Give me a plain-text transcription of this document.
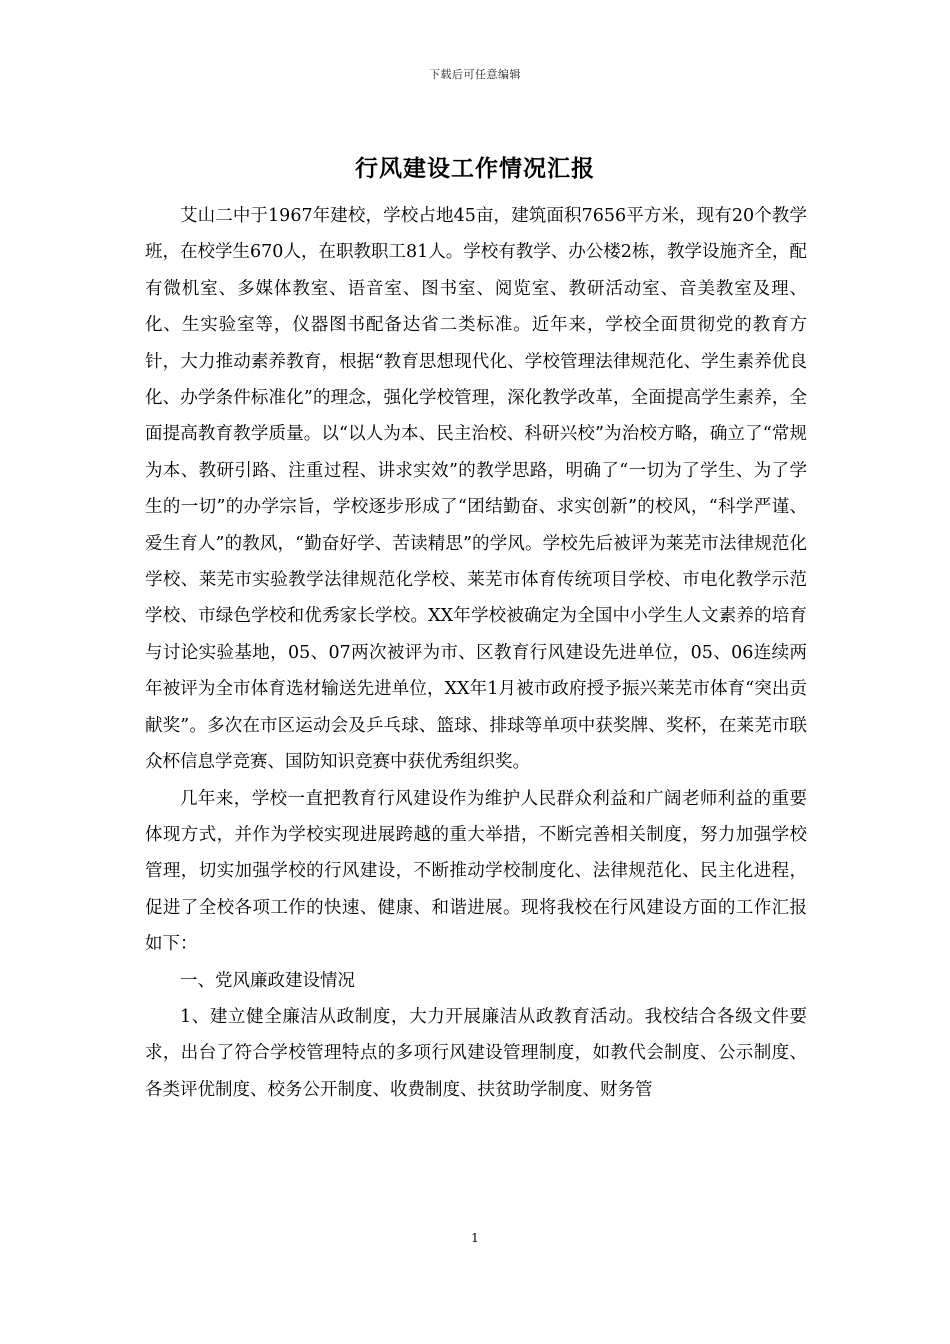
下载后可任意编辑
行风建设工作情况汇报

艾山二中于1967年建校，学校占地45亩，建筑面积7656平方米，现有20个教学班，在校学生670人，在职教职工81人。学校有教学、办公楼2栋，教学设施齐全，配有微机室、多媒体教室、语音室、图书室、阅览室、教研活动室、音美教室及理、化、生实验室等，仪器图书配备达省二类标准。近年来，学校全面贯彻党的教育方针，大力推动素养教育，根据“教育思想现代化、学校管理法律规范化、学生素养优良化、办学条件标准化”的理念，强化学校管理，深化教学改革，全面提高学生素养，全面提高教育教学质量。以“以人为本、民主治校、科研兴校”为治校方略，确立了“常规为本、教研引路、注重过程、讲求实效”的教学思路，明确了“一切为了学生、为了学生的一切”的办学宗旨，学校逐步形成了“团结勤奋、求实创新”的校风，“科学严谨、爱生育人”的教风，“勤奋好学、苦读精思”的学风。学校先后被评为莱芜市法律规范化学校、莱芜市实验教学法律规范化学校、莱芜市体育传统项目学校、市电化教学示范学校、市绿色学校和优秀家长学校。XX年学校被确定为全国中小学生人文素养的培育与讨论实验基地，05、07两次被评为市、区教育行风建设先进单位，05、06连续两年被评为全市体育选材输送先进单位，XX年1月被市政府授予振兴莱芜市体育“突出贡献奖”。多次在市区运动会及乒乓球、篮球、排球等单项中获奖牌、奖杯，在莱芜市联众杯信息学竞赛、国防知识竞赛中获优秀组织奖。

几年来，学校一直把教育行风建设作为维护人民群众利益和广阔老师利益的重要体现方式，并作为学校实现进展跨越的重大举措，不断完善相关制度，努力加强学校管理，切实加强学校的行风建设，不断推动学校制度化、法律规范化、民主化进程，促进了全校各项工作的快速、健康、和谐进展。现将我校在行风建设方面的工作汇报如下：

一、党风廉政建设情况

1、建立健全廉洁从政制度，大力开展廉洁从政教育活动。我校结合各级文件要求，出台了符合学校管理特点的多项行风建设管理制度，如教代会制度、公示制度、各类评优制度、校务公开制度、收费制度、扶贫助学制度、财务管

1
